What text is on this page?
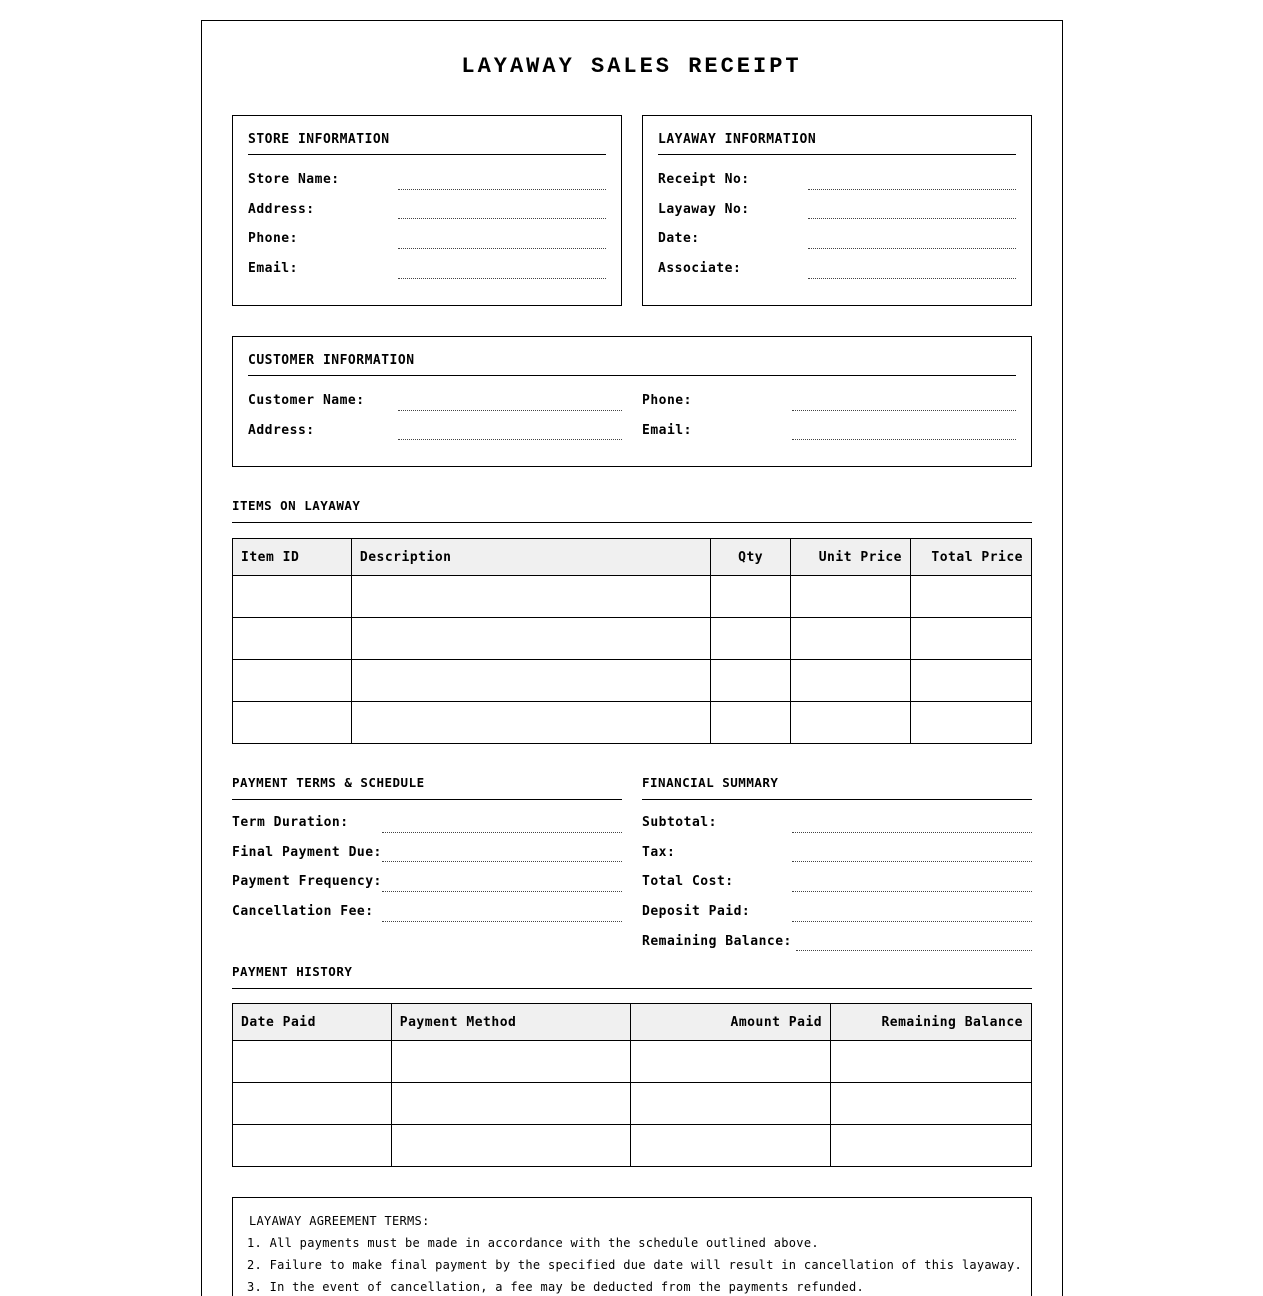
LAYAWAY SALES RECEIPT
STORE INFORMATION
Store Name:
Address:
Phone:
Email:
LAYAWAY INFORMATION
Receipt No:
Layaway No:
Date:
Associate:
CUSTOMER INFORMATION
Customer Name:
Address:
Phone:
Email:
ITEMS ON LAYAWAY
Item ID	Description	Qty	Unit Price	Total Price

PAYMENT TERMS & SCHEDULE
Term Duration:
Final Payment Due:
Payment Frequency:
Cancellation Fee:
FINANCIAL SUMMARY
Subtotal:
Tax:
Total Cost:
Deposit Paid:
Remaining Balance:
PAYMENT HISTORY
Date Paid	Payment Method	Amount Paid	Remaining Balance

LAYAWAY AGREEMENT TERMS:
1. All payments must be made in accordance with the schedule outlined above.
2. Failure to make final payment by the specified due date will result in cancellation of this layaway.
3. In the event of cancellation, a fee may be deducted from the payments refunded.
